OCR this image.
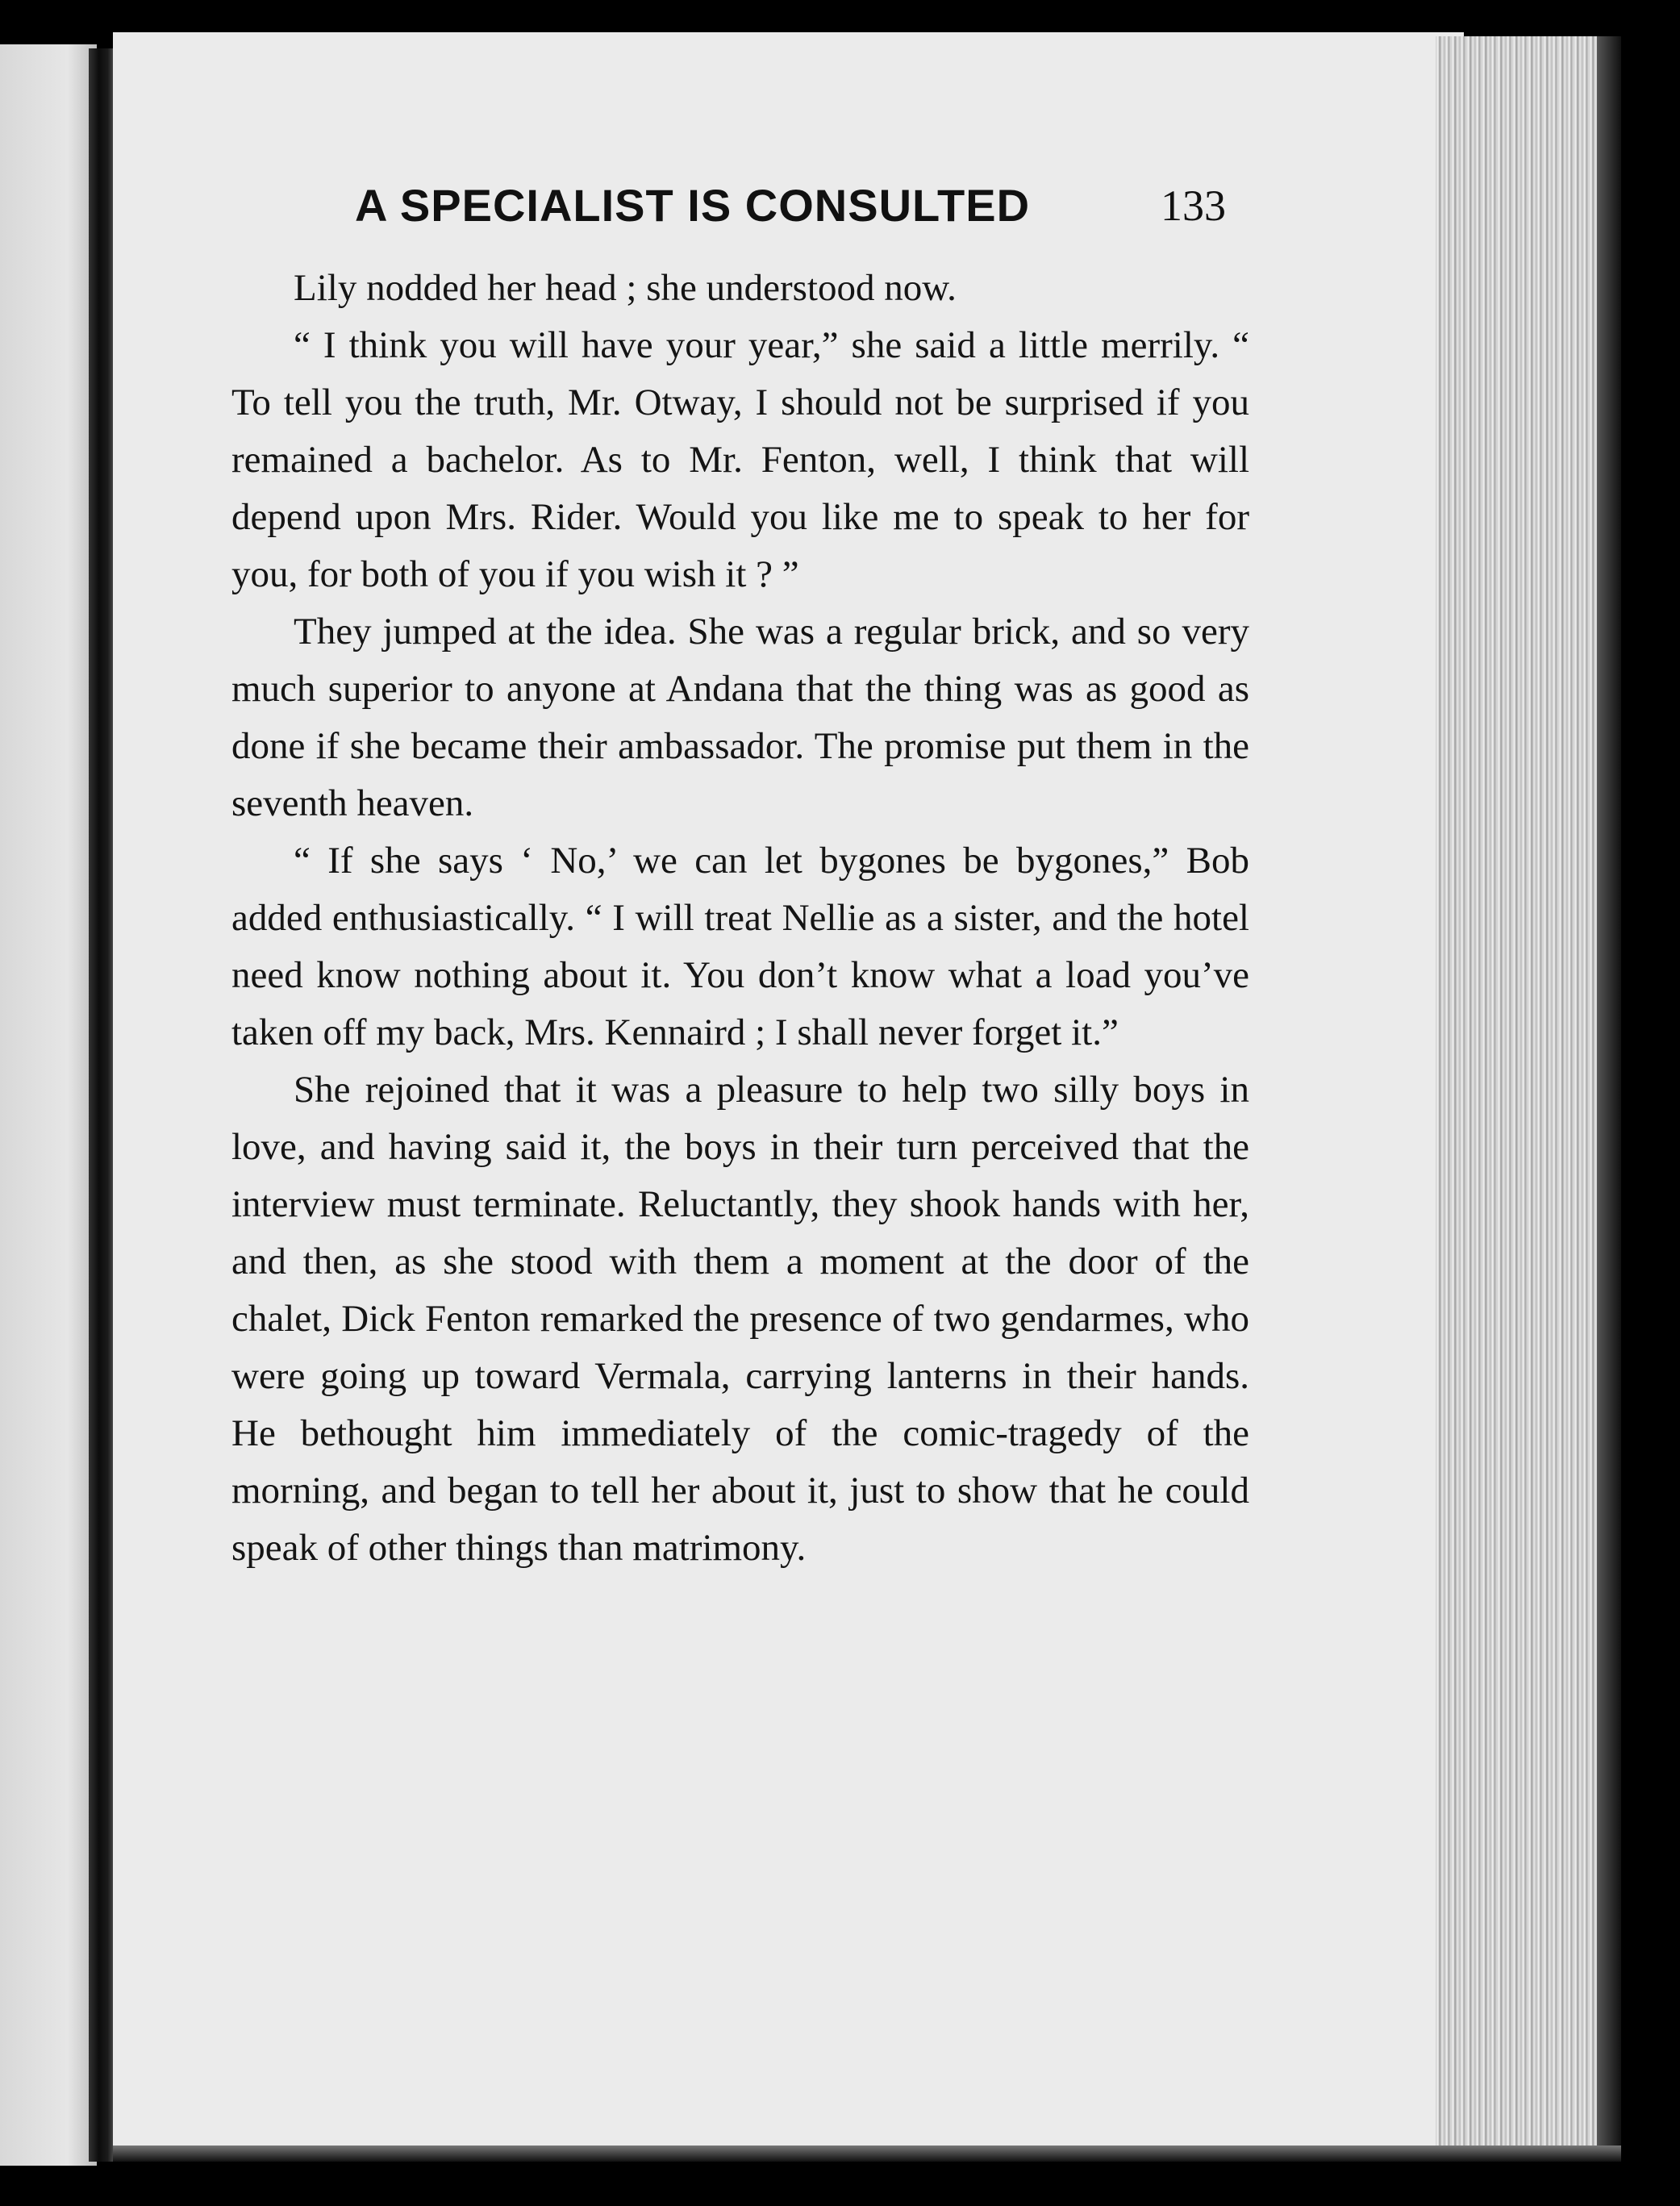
A SPECIALIST IS CONSULTED	133

Lily nodded her head ; she understood now.

“ I think you will have your year,” she said a little merrily. “ To tell you the truth, Mr. Otway, I should not be surprised if you remained a bachelor. As to Mr. Fenton, well, I think that will depend upon Mrs. Rider. Would you like me to speak to her for you, for both of you if you wish it ? ”

They jumped at the idea. She was a regular brick, and so very much superior to anyone at Andana that the thing was as good as done if she became their ambassador. The promise put them in the seventh heaven.

“ If she says ‘ No,’ we can let bygones be bygones,” Bob added enthusiastically. “ I will treat Nellie as a sister, and the hotel need know nothing about it. You don’t know what a load you’ve taken off my back, Mrs. Kennaird ; I shall never forget it.”

She rejoined that it was a pleasure to help two silly boys in love, and having said it, the boys in their turn perceived that the interview must terminate. Reluctantly, they shook hands with her, and then, as she stood with them a moment at the door of the chalet, Dick Fenton remarked the presence of two gendarmes, who were going up toward Vermala, carrying lanterns in their hands. He bethought him immediately of the comic-tragedy of the morning, and began to tell her about it, just to show that he could speak of other things than matrimony.
